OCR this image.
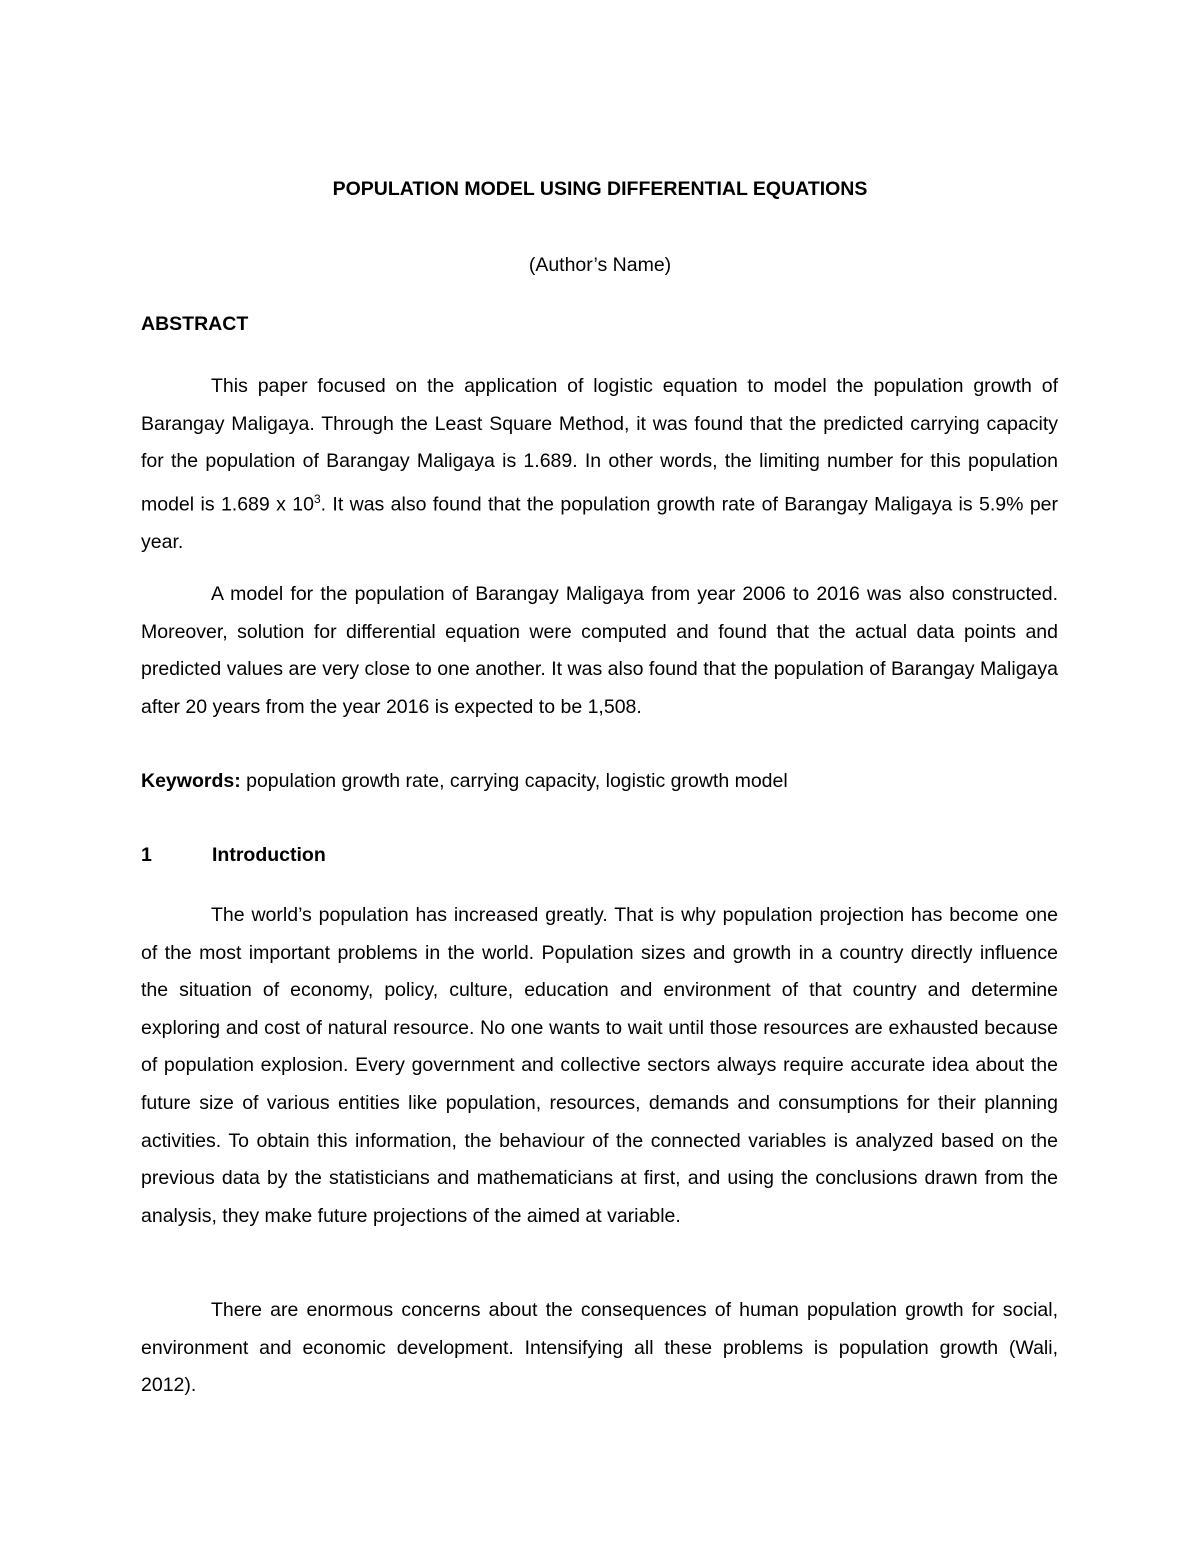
POPULATION MODEL USING DIFFERENTIAL EQUATIONS
(Author’s Name)
ABSTRACT

This paper focused on the application of logistic equation to model the population growth of Barangay Maligaya. Through the Least Square Method, it was found that the predicted carrying capacity for the population of Barangay Maligaya is 1.689. In other words, the limiting number for this population model is 1.689 x $10^3$. It was also found that the population growth rate of Barangay Maligaya is 5.9% per year.

A model for the population of Barangay Maligaya from year 2006 to 2016 was also constructed. Moreover, solution for differential equation were computed and found that the actual data points and predicted values are very close to one another. It was also found that the population of Barangay Maligaya after 20 years from the year 2016 is expected to be 1,508.

Keywords: population growth rate, carrying capacity, logistic growth model
1	Introduction

The world’s population has increased greatly. That is why population projection has become one of the most important problems in the world. Population sizes and growth in a country directly influence the situation of economy, policy, culture, education and environment of that country and determine exploring and cost of natural resource. No one wants to wait until those resources are exhausted because of population explosion. Every government and collective sectors always require accurate idea about the future size of various entities like population, resources, demands and consumptions for their planning activities. To obtain this information, the behaviour of the connected variables is analyzed based on the previous data by the statisticians and mathematicians at first, and using the conclusions drawn from the analysis, they make future projections of the aimed at variable.

There are enormous concerns about the consequences of human population growth for social, environment and economic development. Intensifying all these problems is population growth (Wali, 2012).
